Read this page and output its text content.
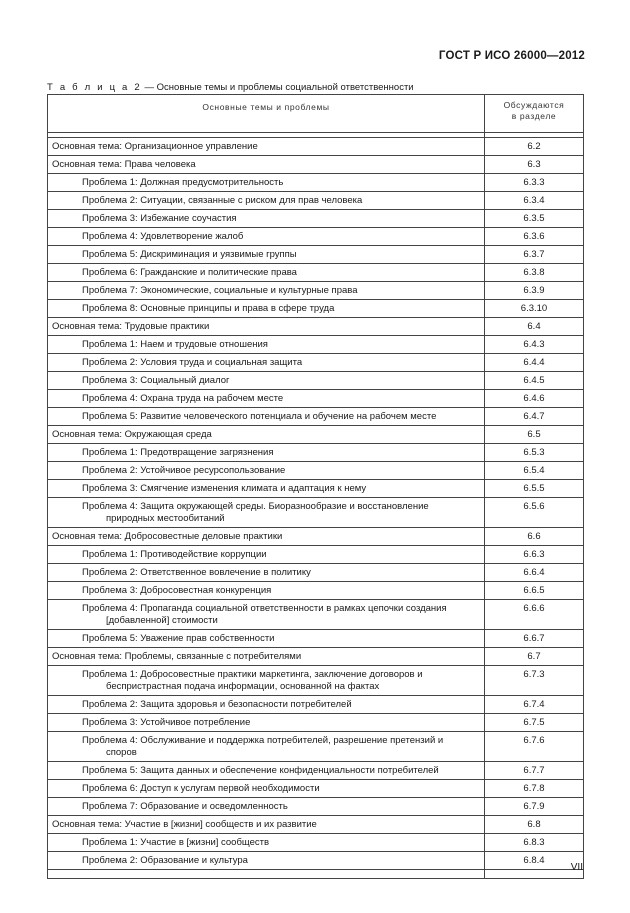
ГОСТ Р ИСО 26000—2012
Т а б л и ц а 2 — Основные темы и проблемы социальной ответственности
Основные темы и проблемы	Обсуждаются
в разделе

Основная тема: Организационное управление	6.2
Основная тема: Права человека	6.3
Проблема 1: Должная предусмотрительность	6.3.3
Проблема 2: Ситуации, связанные с риском для прав человека	6.3.4
Проблема 3: Избежание соучастия	6.3.5
Проблема 4: Удовлетворение жалоб	6.3.6
Проблема 5: Дискриминация и уязвимые группы	6.3.7
Проблема 6: Гражданские и политические права	6.3.8
Проблема 7: Экономические, социальные и культурные права	6.3.9
Проблема 8: Основные принципы и права в сфере труда	6.3.10
Основная тема: Трудовые практики	6.4
Проблема 1: Наем и трудовые отношения	6.4.3
Проблема 2: Условия труда и социальная защита	6.4.4
Проблема 3: Социальный диалог	6.4.5
Проблема 4: Охрана труда на рабочем месте	6.4.6
Проблема 5: Развитие человеческого потенциала и обучение на рабочем месте	6.4.7
Основная тема: Окружающая среда	6.5
Проблема 1: Предотвращение загрязнения	6.5.3
Проблема 2: Устойчивое ресурсопользование	6.5.4
Проблема 3: Смягчение изменения климата и адаптация к нему	6.5.5
Проблема 4: Защита окружающей среды. Биоразнообразие и восстановление
природных местообитаний	6.5.6
Основная тема: Добросовестные деловые практики	6.6
Проблема 1: Противодействие коррупции	6.6.3
Проблема 2: Ответственное вовлечение в политику	6.6.4
Проблема 3: Добросовестная конкуренция	6.6.5
Проблема 4: Пропаганда социальной ответственности в рамках цепочки создания
[добавленной] стоимости	6.6.6
Проблема 5: Уважение прав собственности	6.6.7
Основная тема: Проблемы, связанные с потребителями	6.7
Проблема 1: Добросовестные практики маркетинга, заключение договоров и
беспристрастная подача информации, основанной на фактах	6.7.3
Проблема 2: Защита здоровья и безопасности потребителей	6.7.4
Проблема 3: Устойчивое потребление	6.7.5
Проблема 4: Обслуживание и поддержка потребителей, разрешение претензий и
споров	6.7.6
Проблема 5: Защита данных и обеспечение конфиденциальности потребителей	6.7.7
Проблема 6: Доступ к услугам первой необходимости	6.7.8
Проблема 7: Образование и осведомленность	6.7.9
Основная тема: Участие в [жизни] сообществ и их развитие	6.8
Проблема 1: Участие в [жизни] сообществ	6.8.3
Проблема 2: Образование и культура	6.8.4

VII
